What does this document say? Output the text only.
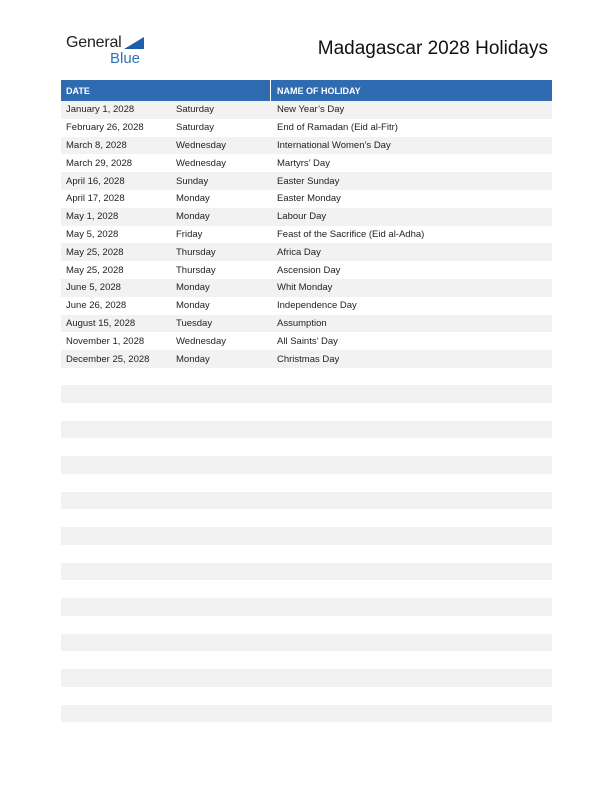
General
Blue	Madagascar 2028 Holidays
DATE	NAME OF HOLIDAY
January 1, 2028	Saturday	New Year’s Day
February 26, 2028	Saturday	End of Ramadan (Eid al-Fitr)
March 8, 2028	Wednesday	International Women’s Day
March 29, 2028	Wednesday	Martyrs’ Day
April 16, 2028	Sunday	Easter Sunday
April 17, 2028	Monday	Easter Monday
May 1, 2028	Monday	Labour Day
May 5, 2028	Friday	Feast of the Sacrifice (Eid al-Adha)
May 25, 2028	Thursday	Africa Day
May 25, 2028	Thursday	Ascension Day
June 5, 2028	Monday	Whit Monday
June 26, 2028	Monday	Independence Day
August 15, 2028	Tuesday	Assumption
November 1, 2028	Wednesday	All Saints’ Day
December 25, 2028	Monday	Christmas Day
